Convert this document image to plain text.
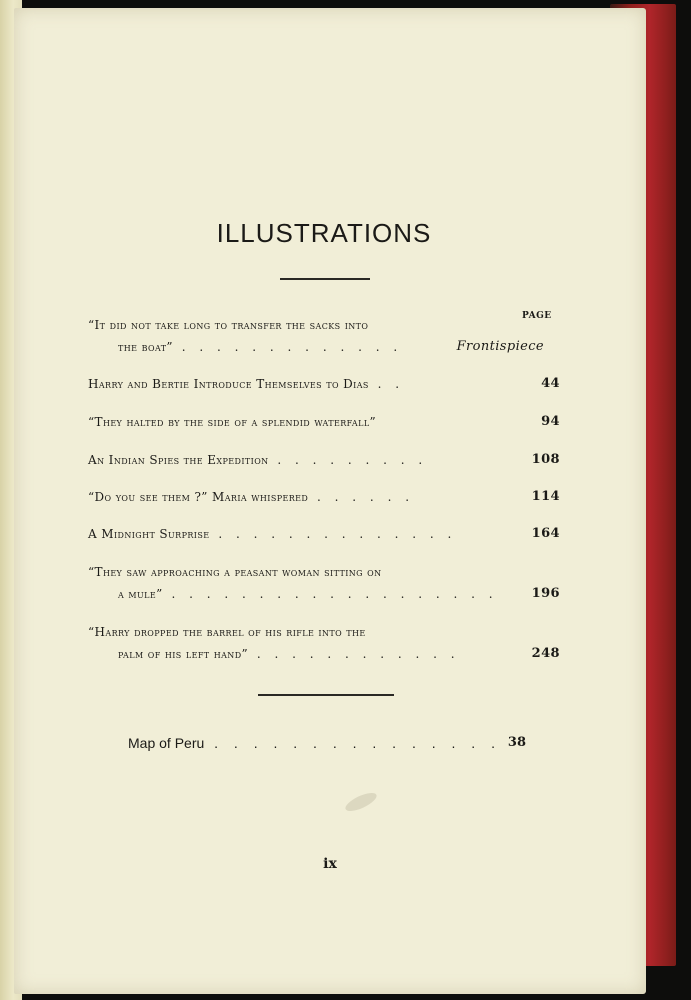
ILLUSTRATIONS
PAGE
“It did not take long to transfer the sacks into
the boat” . . . . . . . . . . . . .	Frontispiece
Harry and Bertie Introduce Themselves to Dias . .	44
“They halted by the side of a splendid waterfall”	94
An Indian Spies the Expedition . . . . . . . . .	108
“Do you see them ?” Maria whispered . . . . . .	114
A Midnight Surprise . . . . . . . . . . . . . .	164
“They saw approaching a peasant woman sitting on
a mule” . . . . . . . . . . . . . . . . . . .	196
“Harry dropped the barrel of his rifle into the
palm of his left hand” . . . . . . . . . . . .	248
Map of Peru . . . . . . . . . . . . . . . 38
ix
